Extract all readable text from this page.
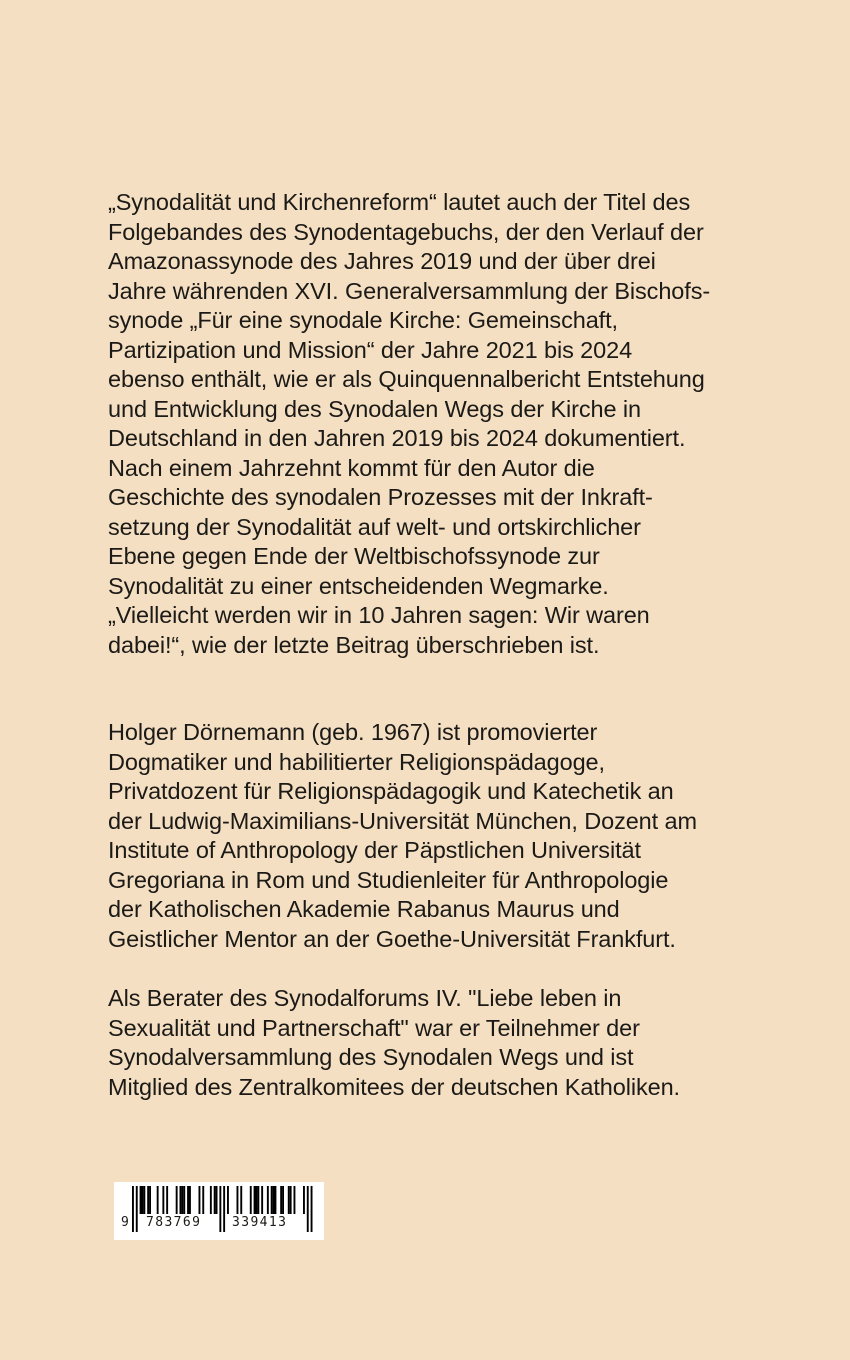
„Synodalität und Kirchenreform“ lautet auch der Titel des
Folgebandes des Synodentagebuchs, der den Verlauf der
Amazonassynode des Jahres 2019 und der über drei
Jahre währenden XVI. Generalversammlung der Bischofs-
synode „Für eine synodale Kirche: Gemeinschaft,
Partizipation und Mission“ der Jahre 2021 bis 2024
ebenso enthält, wie er als Quinquennalbericht Entstehung
und Entwicklung des Synodalen Wegs der Kirche in
Deutschland in den Jahren 2019 bis 2024 dokumentiert.
Nach einem Jahrzehnt kommt für den Autor die
Geschichte des synodalen Prozesses mit der Inkraft-
setzung der Synodalität auf welt- und ortskirchlicher
Ebene gegen Ende der Weltbischofssynode zur
Synodalität zu einer entscheidenden Wegmarke.
„Vielleicht werden wir in 10 Jahren sagen: Wir waren
dabei!“, wie der letzte Beitrag überschrieben ist.
Holger Dörnemann (geb. 1967) ist promovierter
Dogmatiker und habilitierter Religionspädagoge,
Privatdozent für Religionspädagogik und Katechetik an
der Ludwig-Maximilians-Universität München, Dozent am
Institute of Anthropology der Päpstlichen Universität
Gregoriana in Rom und Studienleiter für Anthropologie
der Katholischen Akademie Rabanus Maurus und
Geistlicher Mentor an der Goethe-Universität Frankfurt.
Als Berater des Synodalforums IV. "Liebe leben in
Sexualität und Partnerschaft" war er Teilnehmer der
Synodalversammlung des Synodalen Wegs und ist
Mitglied des Zentralkomitees der deutschen Katholiken.
9 783769 339413
